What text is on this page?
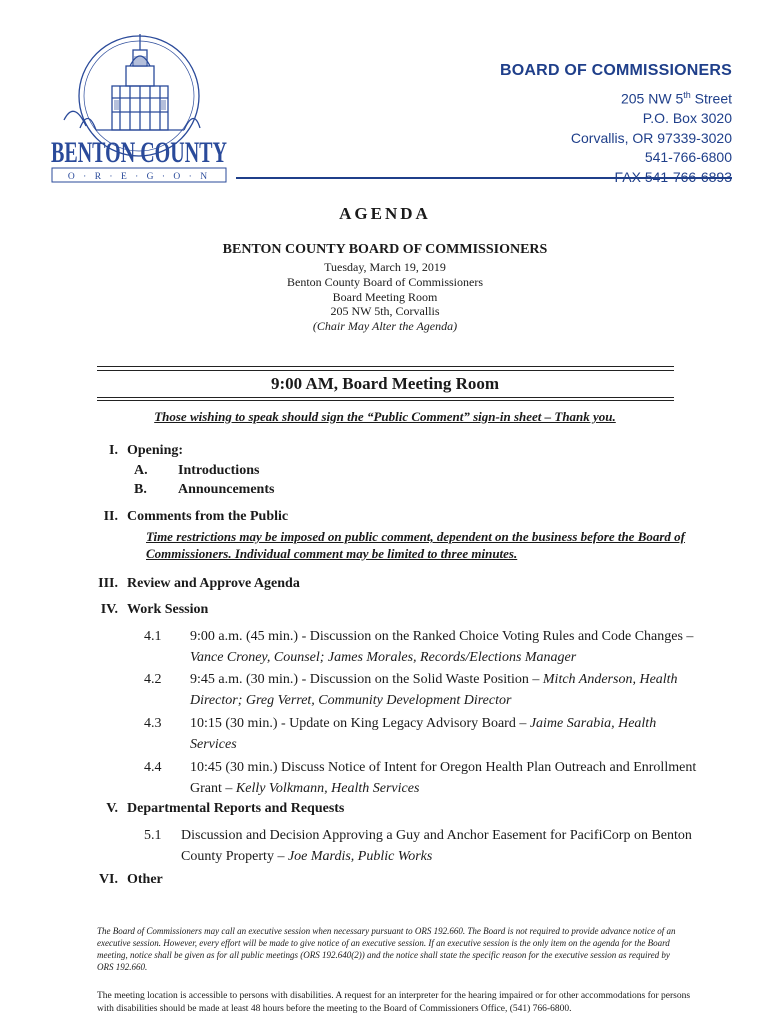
BENTON COUNTY
O · R · E · G · O · N
BOARD OF COMMISSIONERS
205 NW 5th Street
P.O. Box 3020
Corvallis, OR 97339-3020
541-766-6800
FAX 541-766-6893
AGENDA
BENTON COUNTY BOARD OF COMMISSIONERS
Tuesday, March 19, 2019
Benton County Board of Commissioners
Board Meeting Room
205 NW 5th, Corvallis
(Chair May Alter the Agenda)
9:00 AM, Board Meeting Room
Those wishing to speak should sign the “Public Comment” sign-in sheet – Thank you.
I. Opening:
A. Introductions
B. Announcements
II. Comments from the Public
Time restrictions may be imposed on public comment, dependent on the business before the Board of Commissioners. Individual comment may be limited to three minutes.
III. Review and Approve Agenda
IV. Work Session
4.1 9:00 a.m. (45 min.) - Discussion on the Ranked Choice Voting Rules and Code Changes – Vance Croney, Counsel; James Morales, Records/Elections Manager
4.2 9:45 a.m. (30 min.) - Discussion on the Solid Waste Position – Mitch Anderson, Health Director; Greg Verret, Community Development Director
4.3 10:15 (30 min.) - Update on King Legacy Advisory Board – Jaime Sarabia, Health Services
4.4 10:45 (30 min.) Discuss Notice of Intent for Oregon Health Plan Outreach and Enrollment Grant – Kelly Volkmann, Health Services
V. Departmental Reports and Requests
5.1 Discussion and Decision Approving a Guy and Anchor Easement for PacifiCorp on Benton County Property – Joe Mardis, Public Works
VI. Other
The Board of Commissioners may call an executive session when necessary pursuant to ORS 192.660. The Board is not required to provide advance notice of an executive session. However, every effort will be made to give notice of an executive session. If an executive session is the only item on the agenda for the Board meeting, notice shall be given as for all public meetings (ORS 192.640(2)) and the notice shall state the specific reason for the executive session as required by ORS 192.660.
The meeting location is accessible to persons with disabilities. A request for an interpreter for the hearing impaired or for other accommodations for persons with disabilities should be made at least 48 hours before the meeting to the Board of Commissioners Office, (541) 766-6800.
